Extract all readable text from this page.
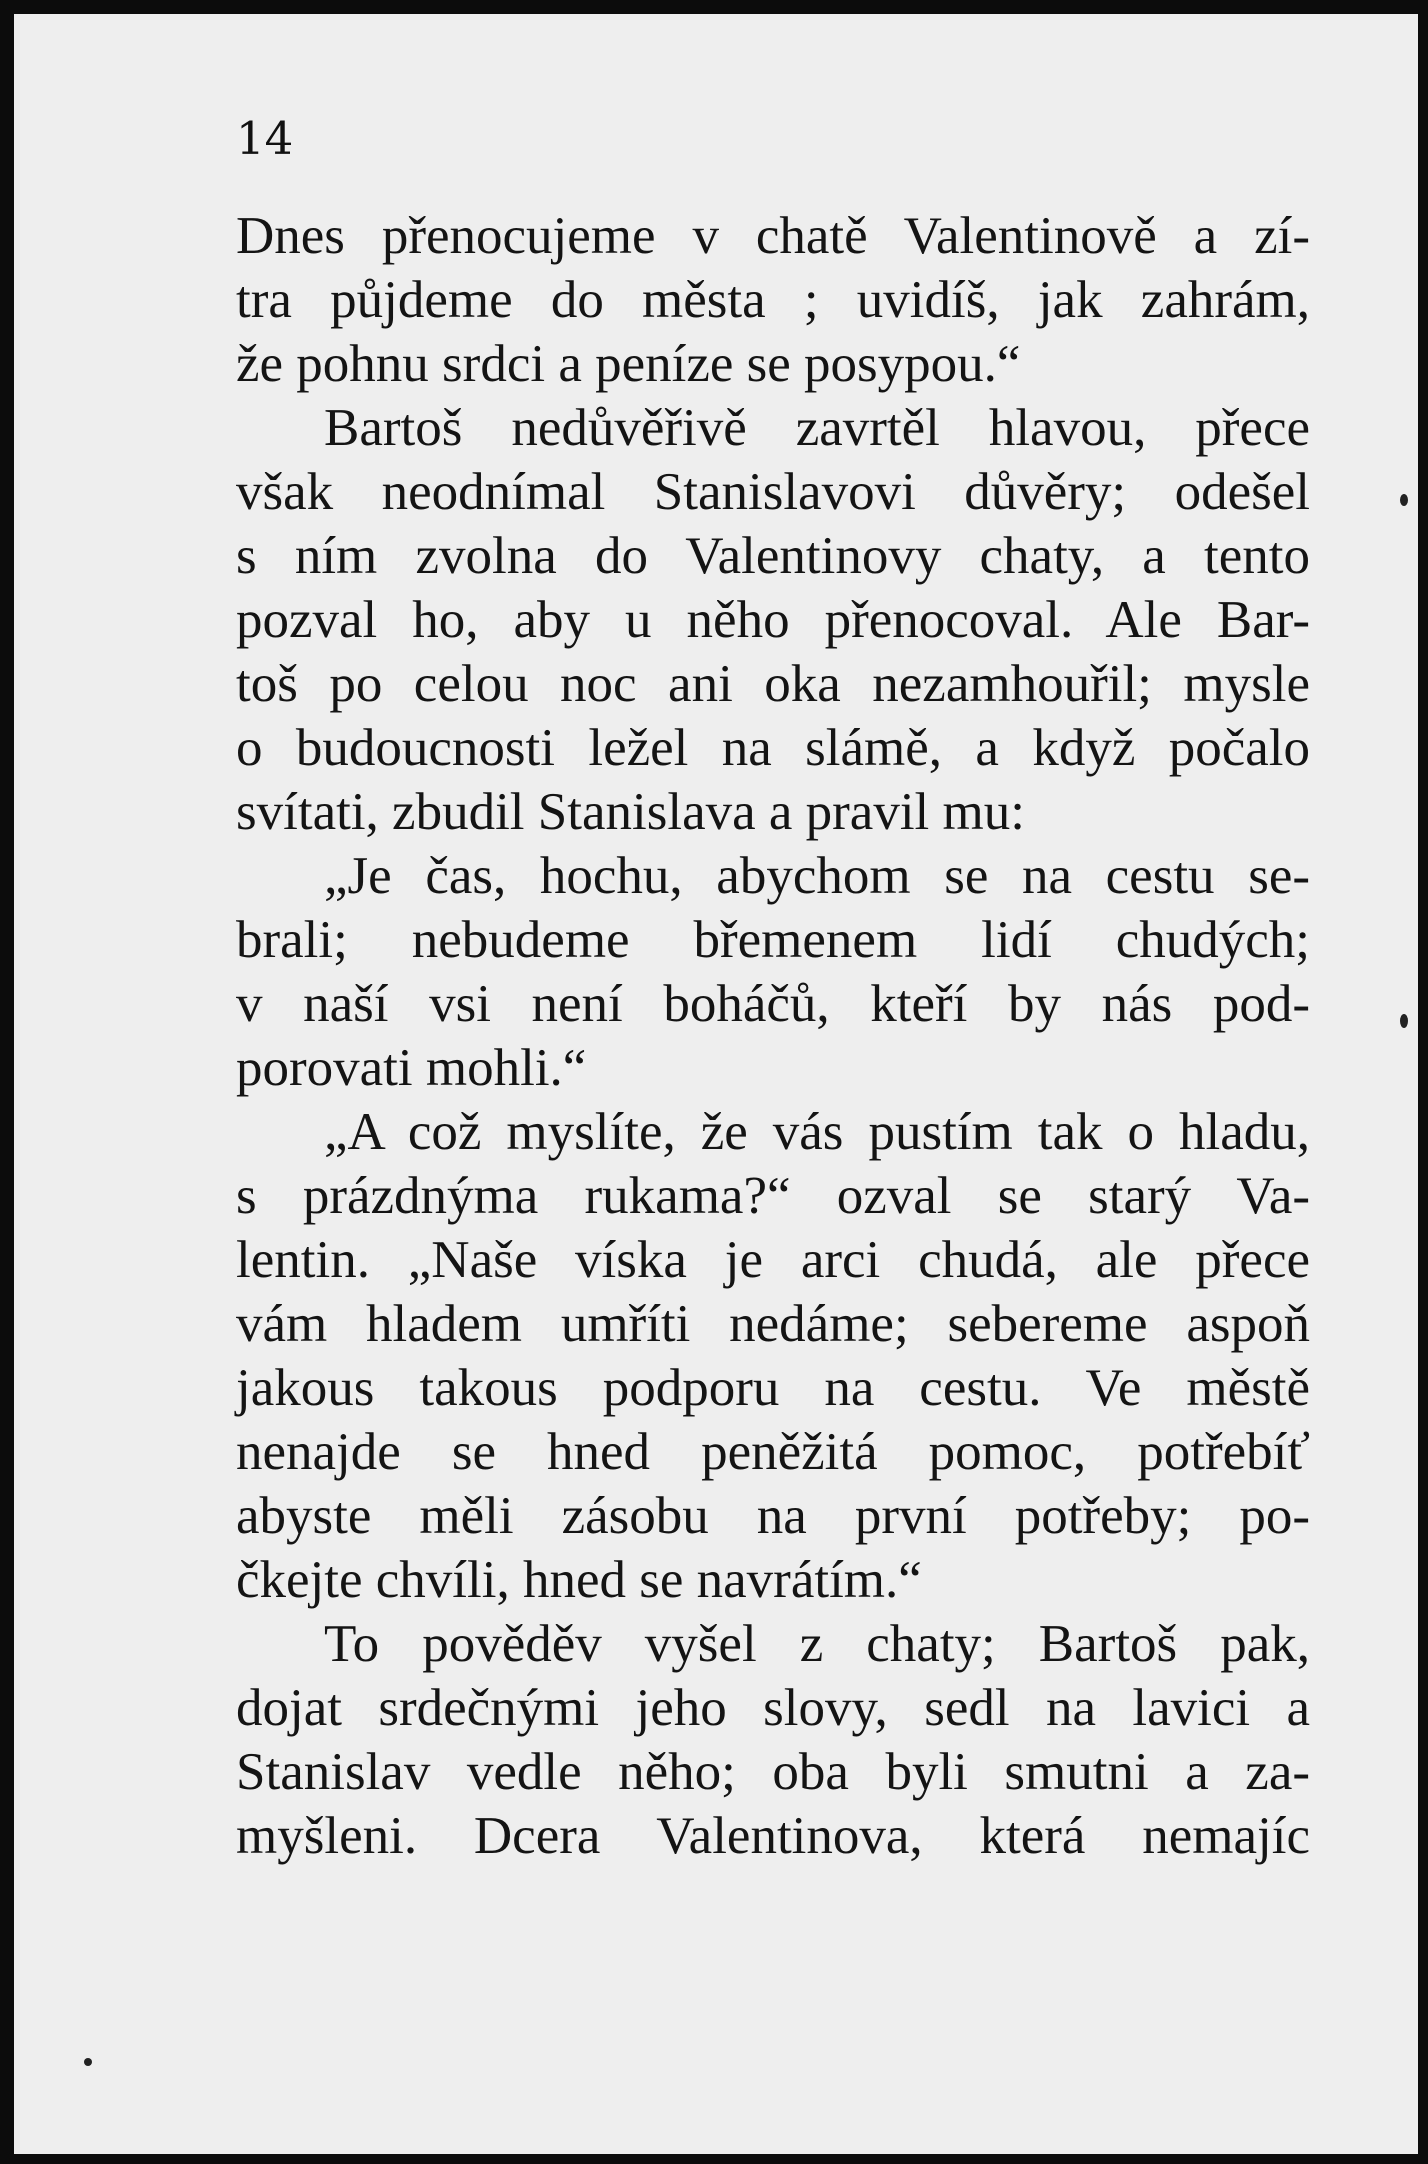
14

Dnes přenocujeme v chatě Valentinově a zí-

tra půjdeme do města ; uvidíš, jak zahrám,

že pohnu srdci a peníze se posypou.“

Bartoš nedůvěřivě zavrtěl hlavou, přece

však neodnímal Stanislavovi důvěry; odešel

s ním zvolna do Valentinovy chaty, a tento

pozval ho, aby u něho přenocoval. Ale Bar-

toš po celou noc ani oka nezamhouřil; mysle

o budoucnosti ležel na slámě, a když počalo

svítati, zbudil Stanislava a pravil mu:

„Je čas, hochu, abychom se na cestu se-

brali; nebudeme břemenem lidí chudých;

v naší vsi není boháčů, kteří by nás pod-

porovati mohli.“

„A což myslíte, že vás pustím tak o hladu,

s prázdnýma rukama?“ ozval se starý Va-

lentin. „Naše víska je arci chudá, ale přece

vám hladem umříti nedáme; sebereme aspoň

jakous takous podporu na cestu. Ve městě

nenajde se hned peněžitá pomoc, potřebíť

abyste měli zásobu na první potřeby; po-

čkejte chvíli, hned se navrátím.“

To pověděv vyšel z chaty; Bartoš pak,

dojat srdečnými jeho slovy, sedl na lavici a

Stanislav vedle něho; oba byli smutni a za-

myšleni. Dcera Valentinova, která nemajíc
